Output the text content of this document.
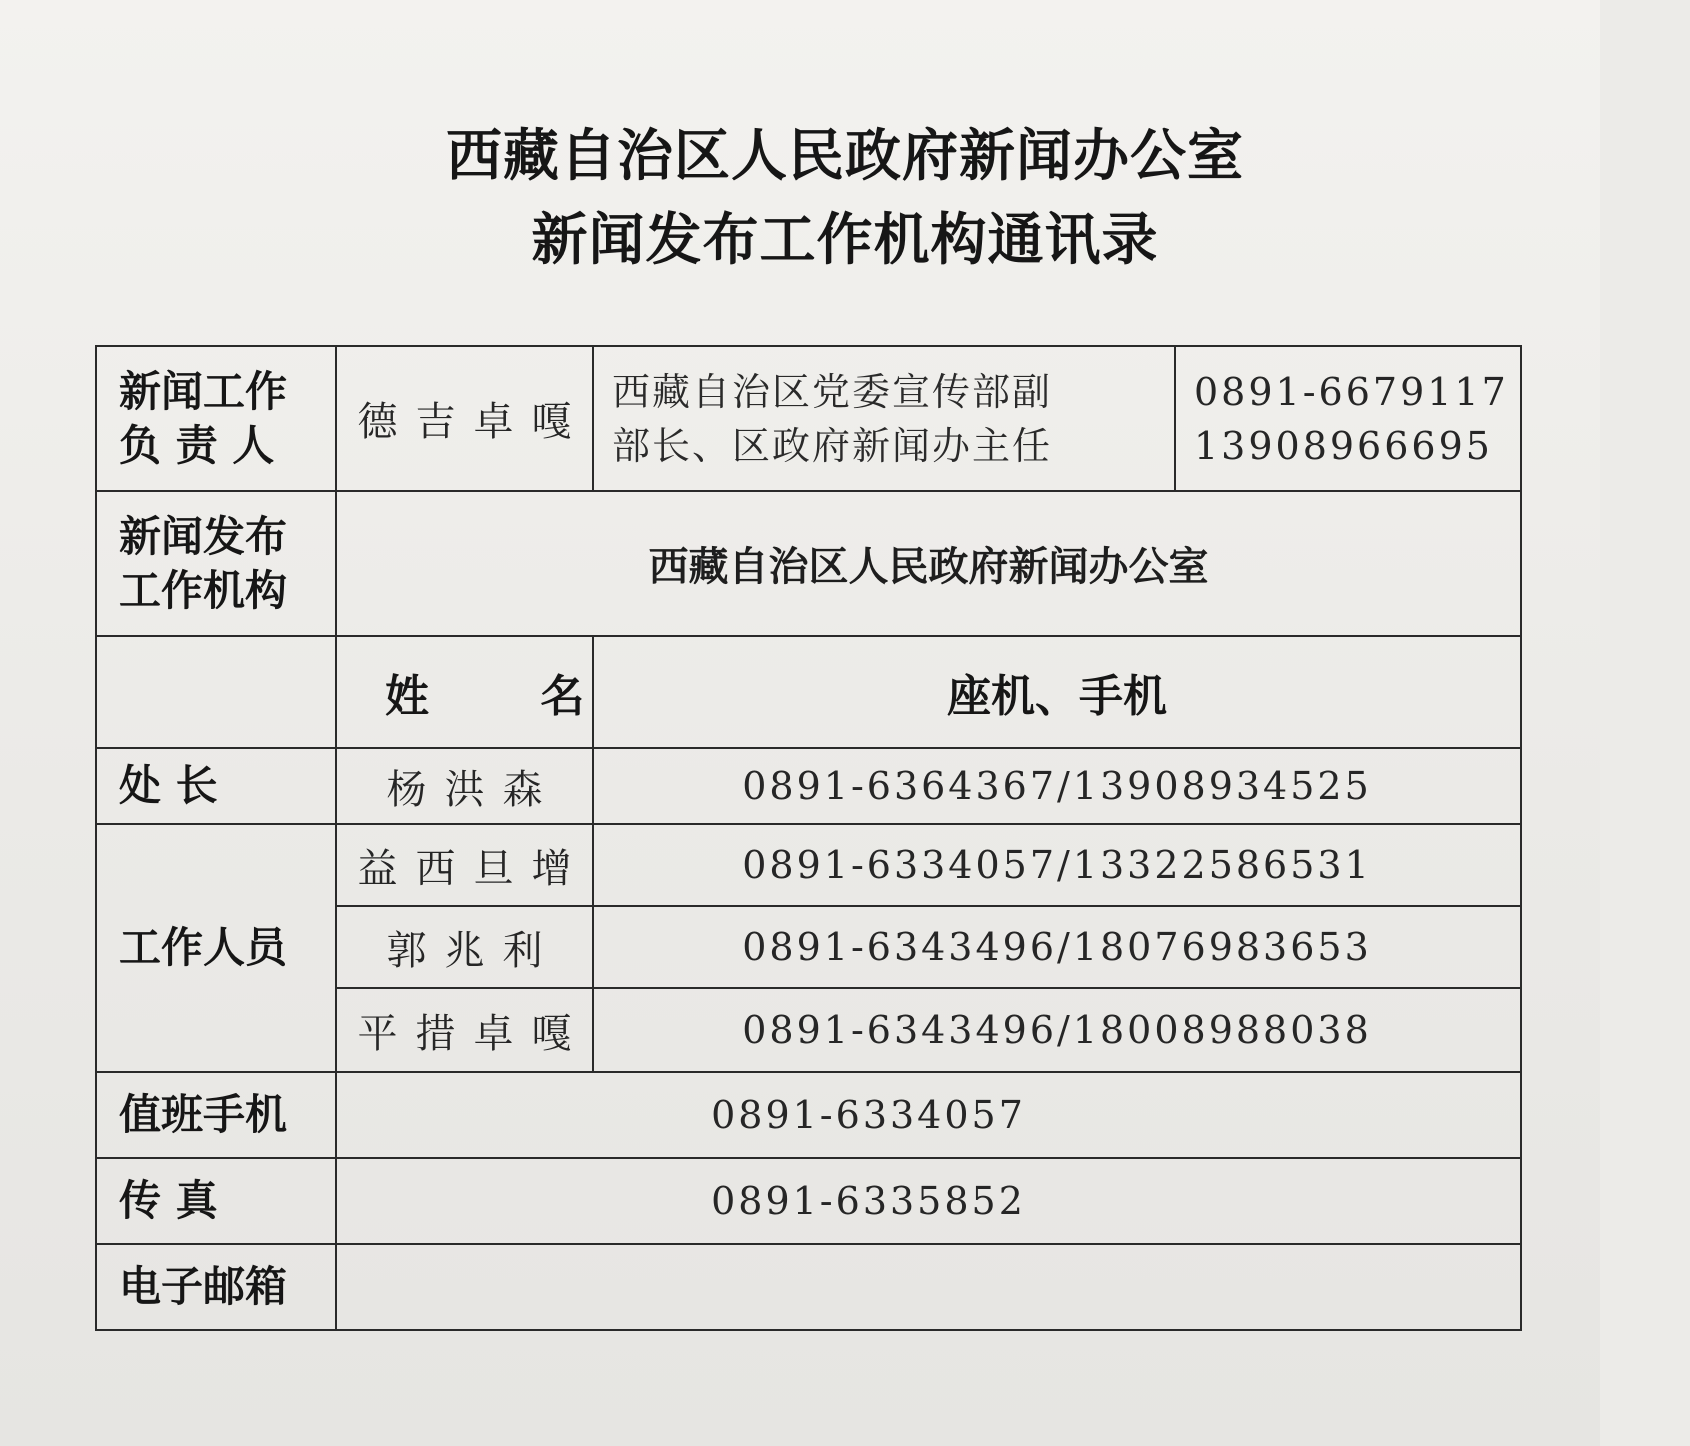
西藏自治区人民政府新闻办公室
新闻发布工作机构通讯录
新闻工作
负 责 人	德吉卓嘎	西藏自治区党委宣传部副
部长、区政府新闻办主任	0891-6679117
13908966695

新闻发布
工作机构	西藏自治区人民政府新闻办公室		
	姓 名	座机、手机	

处 长	杨洪森	0891-6364367/13908934525	
工作人员	益西旦增	0891-6334057/13322586531	
	郭兆利	0891-6343496/18076983653	
	平措卓嘎	0891-6343496/18008988038	
值班手机	0891-6334057		

传 真	0891-6335852		
电子邮箱			
